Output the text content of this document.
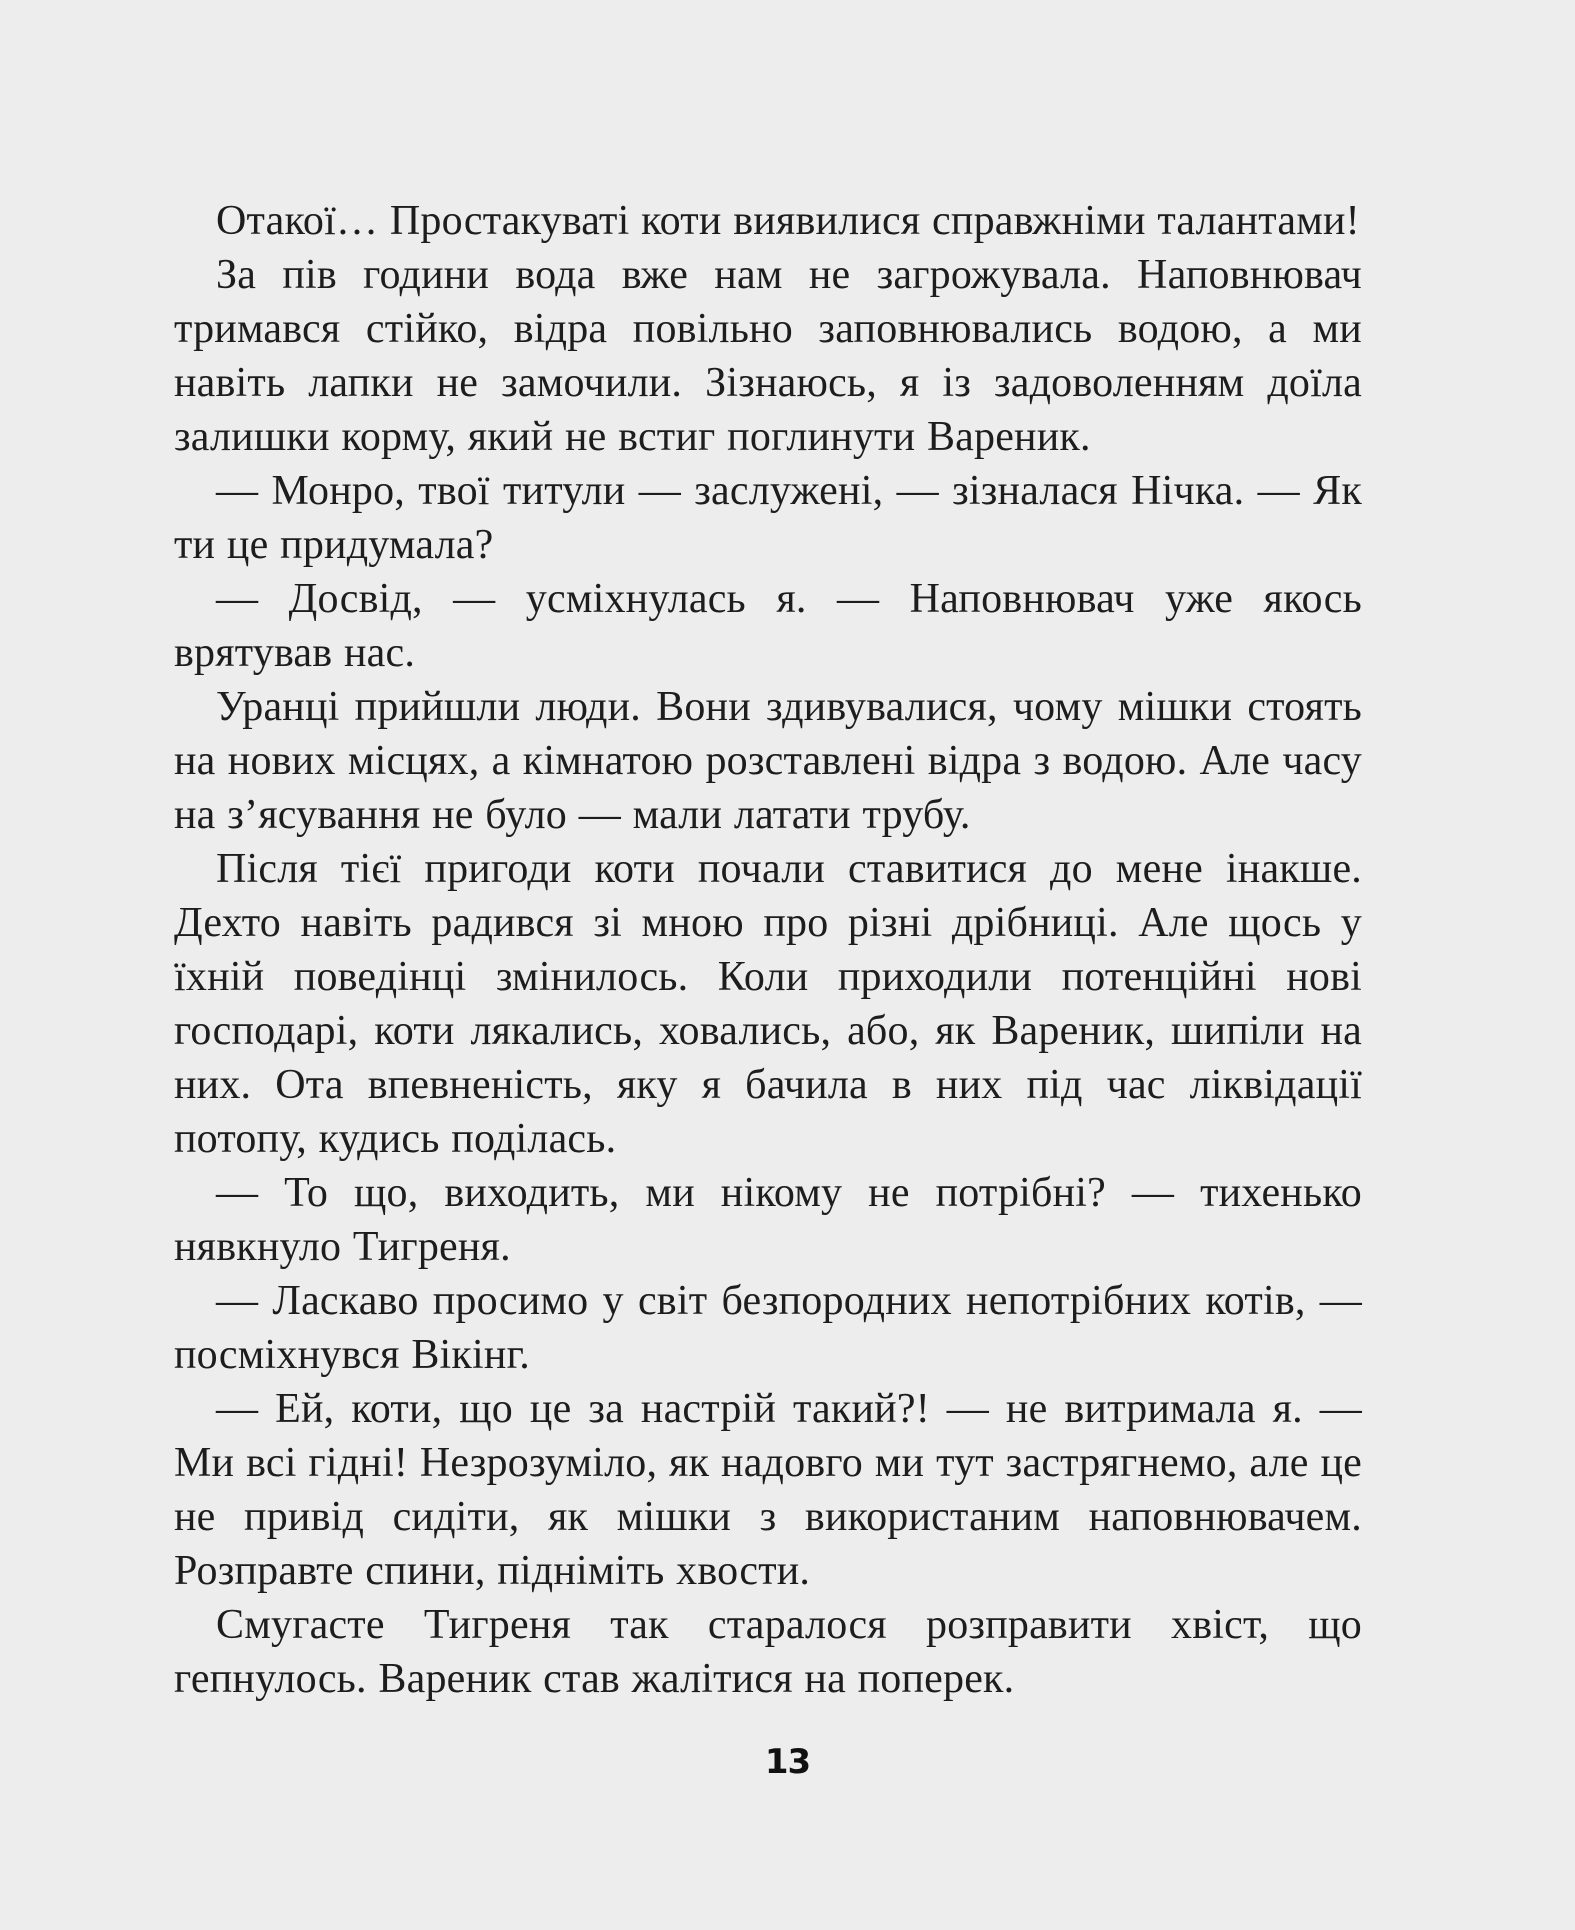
Отакої… Простакуваті коти виявилися справжніми талантами!

За пів години вода вже нам не загрожувала. Наповнювач тримався стійко, відра повільно заповнювались водою, а ми навіть лапки не замочили. Зізнаюсь, я із задоволенням доїла залишки корму, який не встиг поглинути Вареник.

— Монро, твої титули — заслужені, — зізналася Нічка. — Як ти це придумала?

— Досвід, — усміхнулась я. — Наповнювач уже якось врятував нас.

Уранці прийшли люди. Вони здивувалися, чому мішки стоять на нових місцях, а кімнатою розставлені відра з водою. Але часу на з’ясування не було — мали латати трубу.

Після тієї пригоди коти почали ставитися до мене інакше. Дехто навіть радився зі мною про різні дрібниці. Але щось у їхній поведінці змінилось. Коли приходили потенційні нові господарі, коти лякались, ховались, або, як Вареник, шипіли на них. Ота впевненість, яку я бачила в них під час ліквідації потопу, кудись поділась.

— То що, виходить, ми нікому не потрібні? — тихенько нявкнуло Тигреня.

— Ласкаво просимо у світ безпородних непотрібних котів, — посміхнувся Вікінг.

— Ей, коти, що це за настрій такий?! — не витримала я. — Ми всі гідні! Незрозуміло, як надовго ми тут застрягнемо, але це не привід сидіти, як мішки з використаним наповнювачем. Розправте спини, підніміть хвости.

Смугасте Тигреня так старалося розправити хвіст, що гепнулось. Вареник став жалітися на поперек.

13
